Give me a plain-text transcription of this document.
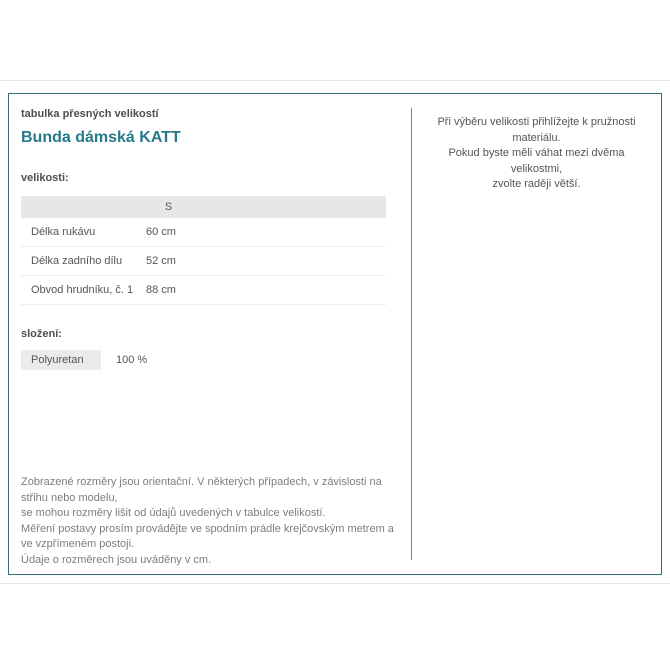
tabulka přesných velikostí
Bunda dámská KATT
velikosti:
S
Délka rukávu	60 cm
Délka zadního dílu	52 cm
Obvod hrudníku, č. 1	88 cm
složení:
Polyuretan	100 %
Zobrazené rozměry jsou orientační. V některých případech, v závislosti na střihu nebo modelu,
se mohou rozměry lišit od údajů uvedených v tabulce velikostí.
Měření postavy prosím provádějte ve spodním prádle krejčovským metrem a ve vzpřímeném postoji.
Údaje o rozměrech jsou uváděny v cm.
Při výběru velikosti přihlížejte k pružnosti materiálu.
Pokud byste měli váhat mezi dvěma velikostmi,
zvolte raději větší.
